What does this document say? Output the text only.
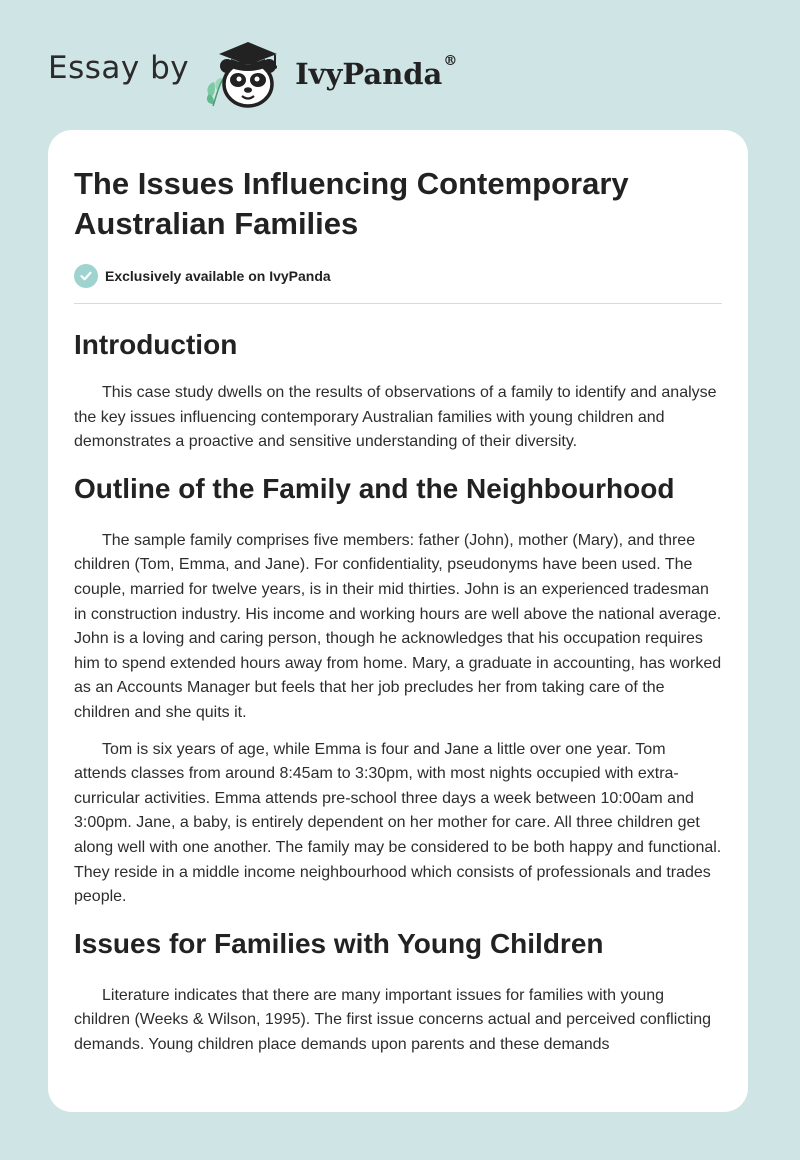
Essay by	IvyPanda®
The Issues Influencing Contemporary Australian Families
Exclusively available on IvyPanda
Introduction

This case study dwells on the results of observations of a family to identify and analyse the key issues influencing contemporary Australian families with young children and demonstrates a proactive and sensitive understanding of their diversity.

Outline of the Family and the Neighbourhood

The sample family comprises five members: father (John), mother (Mary), and three children (Tom, Emma, and Jane). For confidentiality, pseudonyms have been used. The couple, married for twelve years, is in their mid thirties. John is an experienced tradesman in construction industry. His income and working hours are well above the national average. John is a loving and caring person, though he acknowledges that his occupation requires him to spend extended hours away from home. Mary, a graduate in accounting, has worked as an Accounts Manager but feels that her job precludes her from taking care of the children and she quits it.

Tom is six years of age, while Emma is four and Jane a little over one year. Tom attends classes from around 8:45am to 3:30pm, with most nights occupied with extra-curricular activities. Emma attends pre-school three days a week between 10:00am and 3:00pm. Jane, a baby, is entirely dependent on her mother for care. All three children get along well with one another. The family may be considered to be both happy and functional. They reside in a middle income neighbourhood which consists of professionals and trades people.

Issues for Families with Young Children

Literature indicates that there are many important issues for families with young children (Weeks & Wilson, 1995). The first issue concerns actual and perceived conflicting demands. Young children place demands upon parents and these demands
